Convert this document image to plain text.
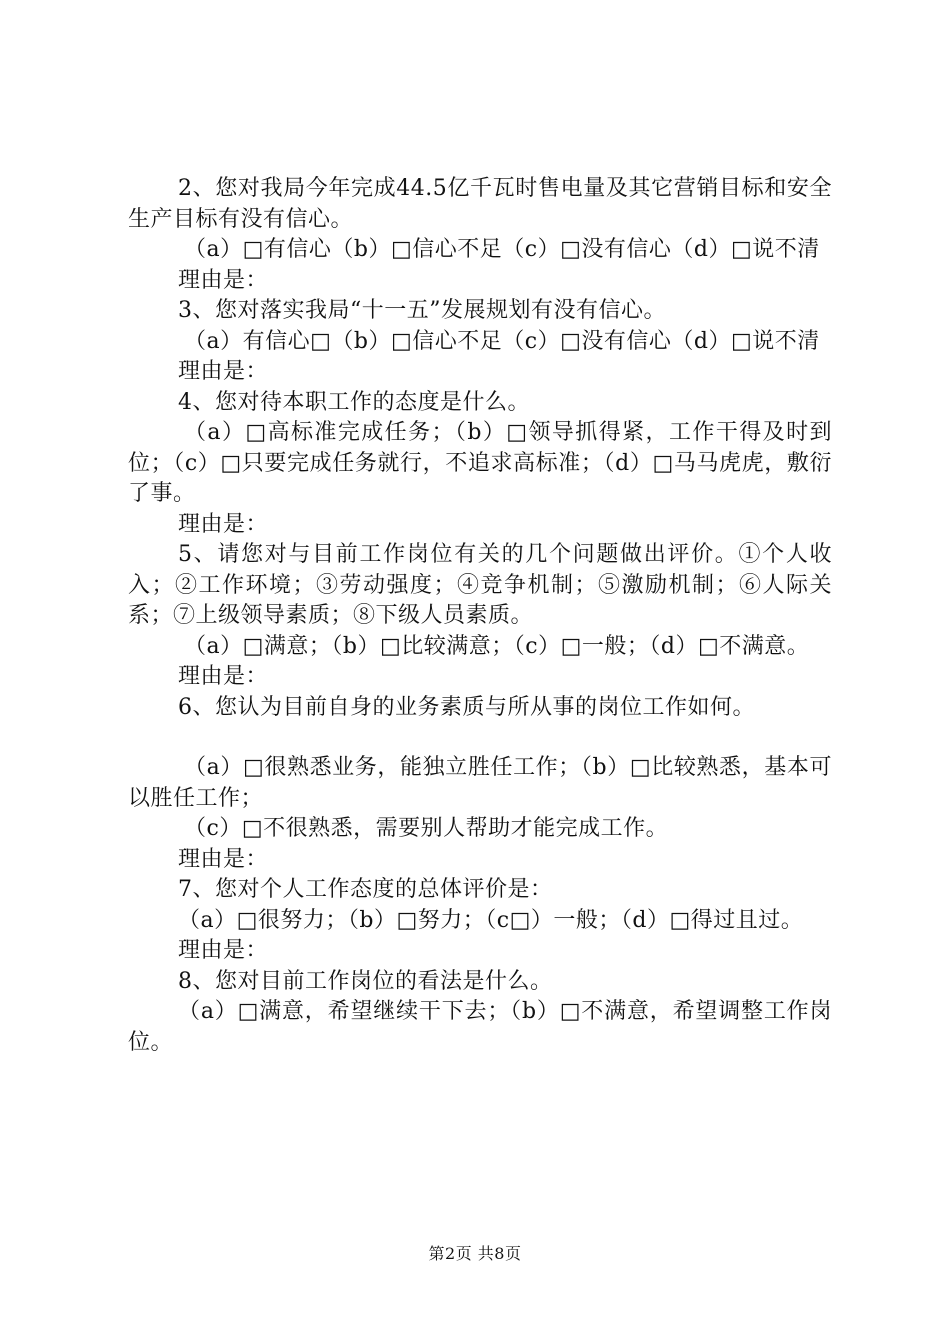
2、您对我局今年完成44.5亿千瓦时售电量及其它营销目标和安全生产目标有没有信心。

（a）□有信心（b）□信心不足（c）□没有信心（d）□说不清

理由是：

3、您对落实我局“十一五”发展规划有没有信心。

（a）有信心□（b）□信心不足（c）□没有信心（d）□说不清

理由是：

4、您对待本职工作的态度是什么。

（a）□高标准完成任务；（b）□领导抓得紧，工作干得及时到位；（c）□只要完成任务就行，不追求高标准；（d）□马马虎虎，敷衍了事。

理由是：

5、请您对与目前工作岗位有关的几个问题做出评价。①个人收入；②工作环境；③劳动强度；④竞争机制；⑤激励机制；⑥人际关系；⑦上级领导素质；⑧下级人员素质。

（a）□满意；（b）□比较满意；（c）□一般；（d）□不满意。

理由是：

6、您认为目前自身的业务素质与所从事的岗位工作如何。

（a）□很熟悉业务，能独立胜任工作；（b）□比较熟悉，基本可以胜任工作；

（c）□不很熟悉，需要别人帮助才能完成工作。

理由是：

7、您对个人工作态度的总体评价是：

（a）□很努力；（b）□努力；（c□）一般；（d）□得过且过。

理由是：

8、您对目前工作岗位的看法是什么。

（a）□满意，希望继续干下去；（b）□不满意，希望调整工作岗位。

第2页 共8页
